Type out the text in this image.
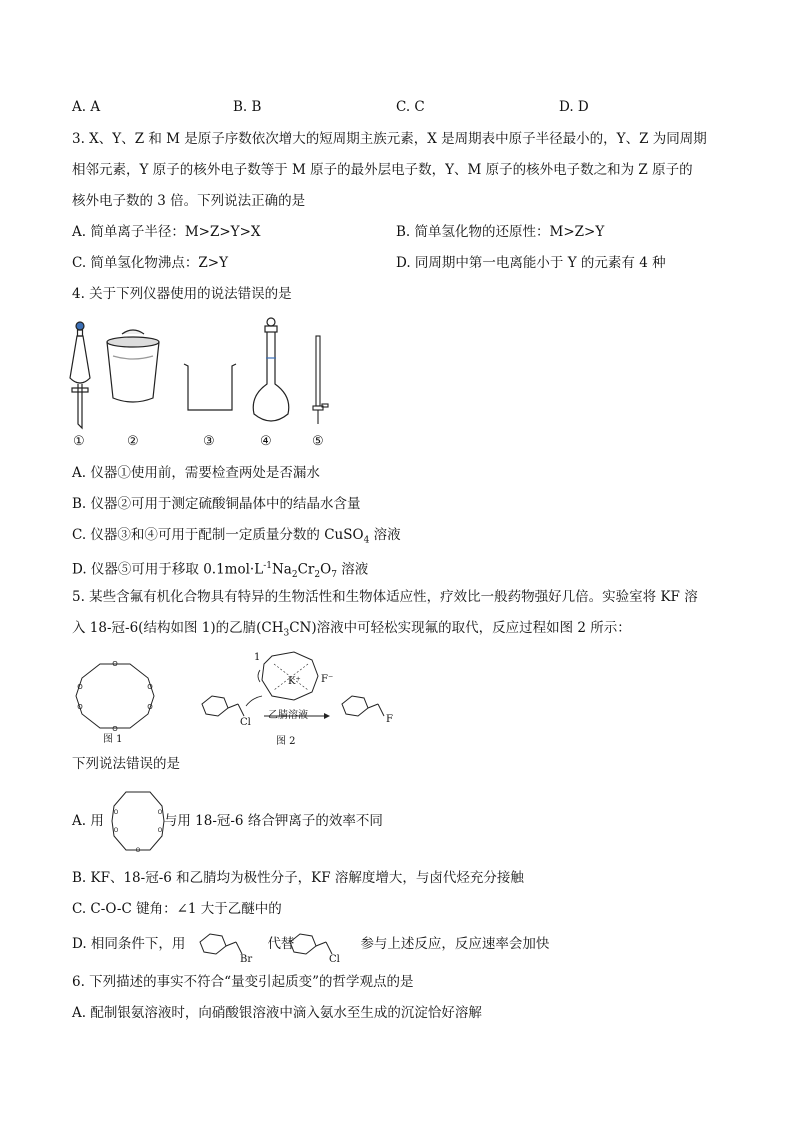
A. A	B. B	C. C	D. D
3. X、Y、Z 和 M 是原子序数依次增大的短周期主族元素，X 是周期表中原子半径最小的，Y、Z 为同周期
相邻元素，Y 原子的核外电子数等于 M 原子的最外层电子数，Y、M 原子的核外电子数之和为 Z 原子的
核外电子数的 3 倍。下列说法正确的是
A. 简单离子半径：M>Z>Y>X	B. 简单氢化物的还原性：M>Z>Y
C. 简单氢化物沸点：Z>Y	D. 同周期中第一电离能小于 Y 的元素有 4 种
4. 关于下列仪器使用的说法错误的是
①	②	③	④	⑤
A. 仪器①使用前，需要检查两处是否漏水
B. 仪器②可用于测定硫酸铜晶体中的结晶水含量
C. 仪器③和④可用于配制一定质量分数的 CuSO$_4$ 溶液
D. 仪器⑤可用于移取 $0.1mol\cdot L^{-1}Na_2Cr_2O_7$ 溶液
5. 某些含氟有机化合物具有特异的生物活性和生物体适应性，疗效比一般药物强好几倍。实验室将 KF 溶
入 18-冠-6(结构如图 1)的乙腈$(CH_3CN)$溶液中可轻松实现氟的取代，反应过程如图 2 所示：
O
O
O
O
O
O
图 1
Cl
K⁺ F⁻
1
乙腈溶液	F
图 2
下列说法错误的是
A. 用	与用 18-冠-6 络合钾离子的效率不同
O
O
O
O
O
B. KF、18-冠-6 和乙腈均为极性分子，KF 溶解度增大，与卤代烃充分接触
C. C-O-C 键角：∠1 大于乙醚中的
D. 相同条件下，用	代替	参与上述反应，反应速率会加快
Br	Cl
6. 下列描述的事实不符合“量变引起质变”的哲学观点的是
A. 配制银氨溶液时，向硝酸银溶液中滴入氨水至生成的沉淀恰好溶解
